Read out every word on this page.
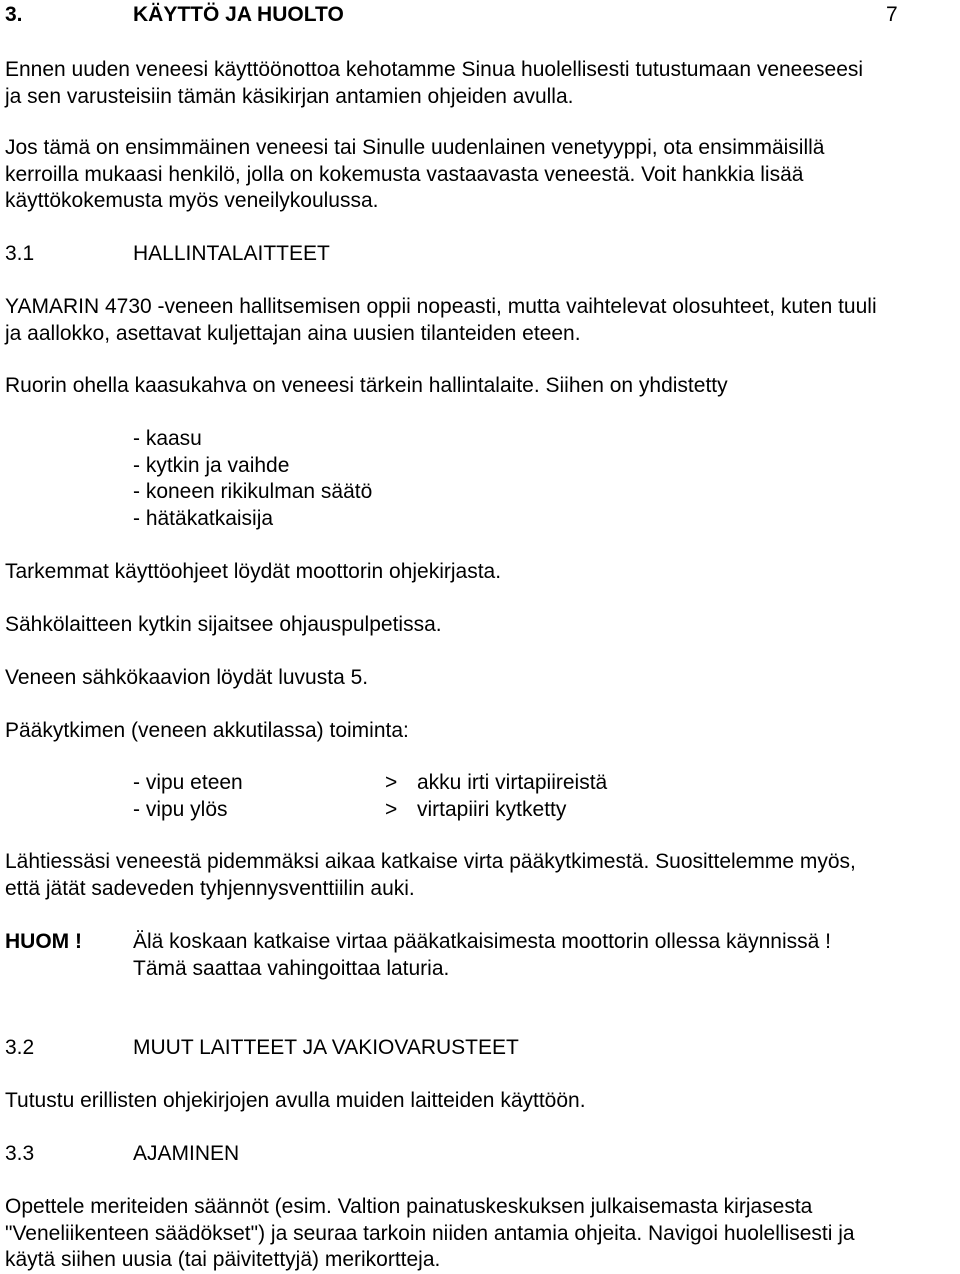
3.	KÄYTTÖ JA HUOLTO	7
Ennen uuden veneesi käyttöönottoa kehotamme Sinua huolellisesti tutustumaan veneeseesi
ja sen varusteisiin tämän käsikirjan antamien ohjeiden avulla.
Jos tämä on ensimmäinen veneesi tai Sinulle uudenlainen venetyyppi, ota ensimmäisillä
kerroilla mukaasi henkilö, jolla on kokemusta vastaavasta veneestä. Voit hankkia lisää
käyttökokemusta myös veneilykoulussa.
3.1	HALLINTALAITTEET
YAMARIN 4730 -veneen hallitsemisen oppii nopeasti, mutta vaihtelevat olosuhteet, kuten tuuli
ja aallokko, asettavat kuljettajan aina uusien tilanteiden eteen.
Ruorin ohella kaasukahva on veneesi tärkein hallintalaite. Siihen on yhdistetty
- kaasu
- kytkin ja vaihde
- koneen rikikulman säätö
- hätäkatkaisija
Tarkemmat käyttöohjeet löydät moottorin ohjekirjasta.
Sähkölaitteen kytkin sijaitsee ohjauspulpetissa.
Veneen sähkökaavion löydät luvusta 5.
Pääkytkimen (veneen akkutilassa) toiminta:
- vipu eteen	> akku irti virtapiireistä
- vipu ylös	> virtapiiri kytketty
Lähtiessäsi veneestä pidemmäksi aikaa katkaise virta pääkytkimestä. Suosittelemme myös,
että jätät sadeveden tyhjennysventtiilin auki.
HUOM ! Älä koskaan katkaise virtaa pääkatkaisimesta moottorin ollessa käynnissä !
Tämä saattaa vahingoittaa laturia.
3.2	MUUT LAITTEET JA VAKIOVARUSTEET
Tutustu erillisten ohjekirjojen avulla muiden laitteiden käyttöön.
3.3	AJAMINEN
Opettele meriteiden säännöt (esim. Valtion painatuskeskuksen julkaisemasta kirjasesta
"Veneliikenteen säädökset") ja seuraa tarkoin niiden antamia ohjeita. Navigoi huolellisesti ja
käytä siihen uusia (tai päivitettyjä) merikortteja.
